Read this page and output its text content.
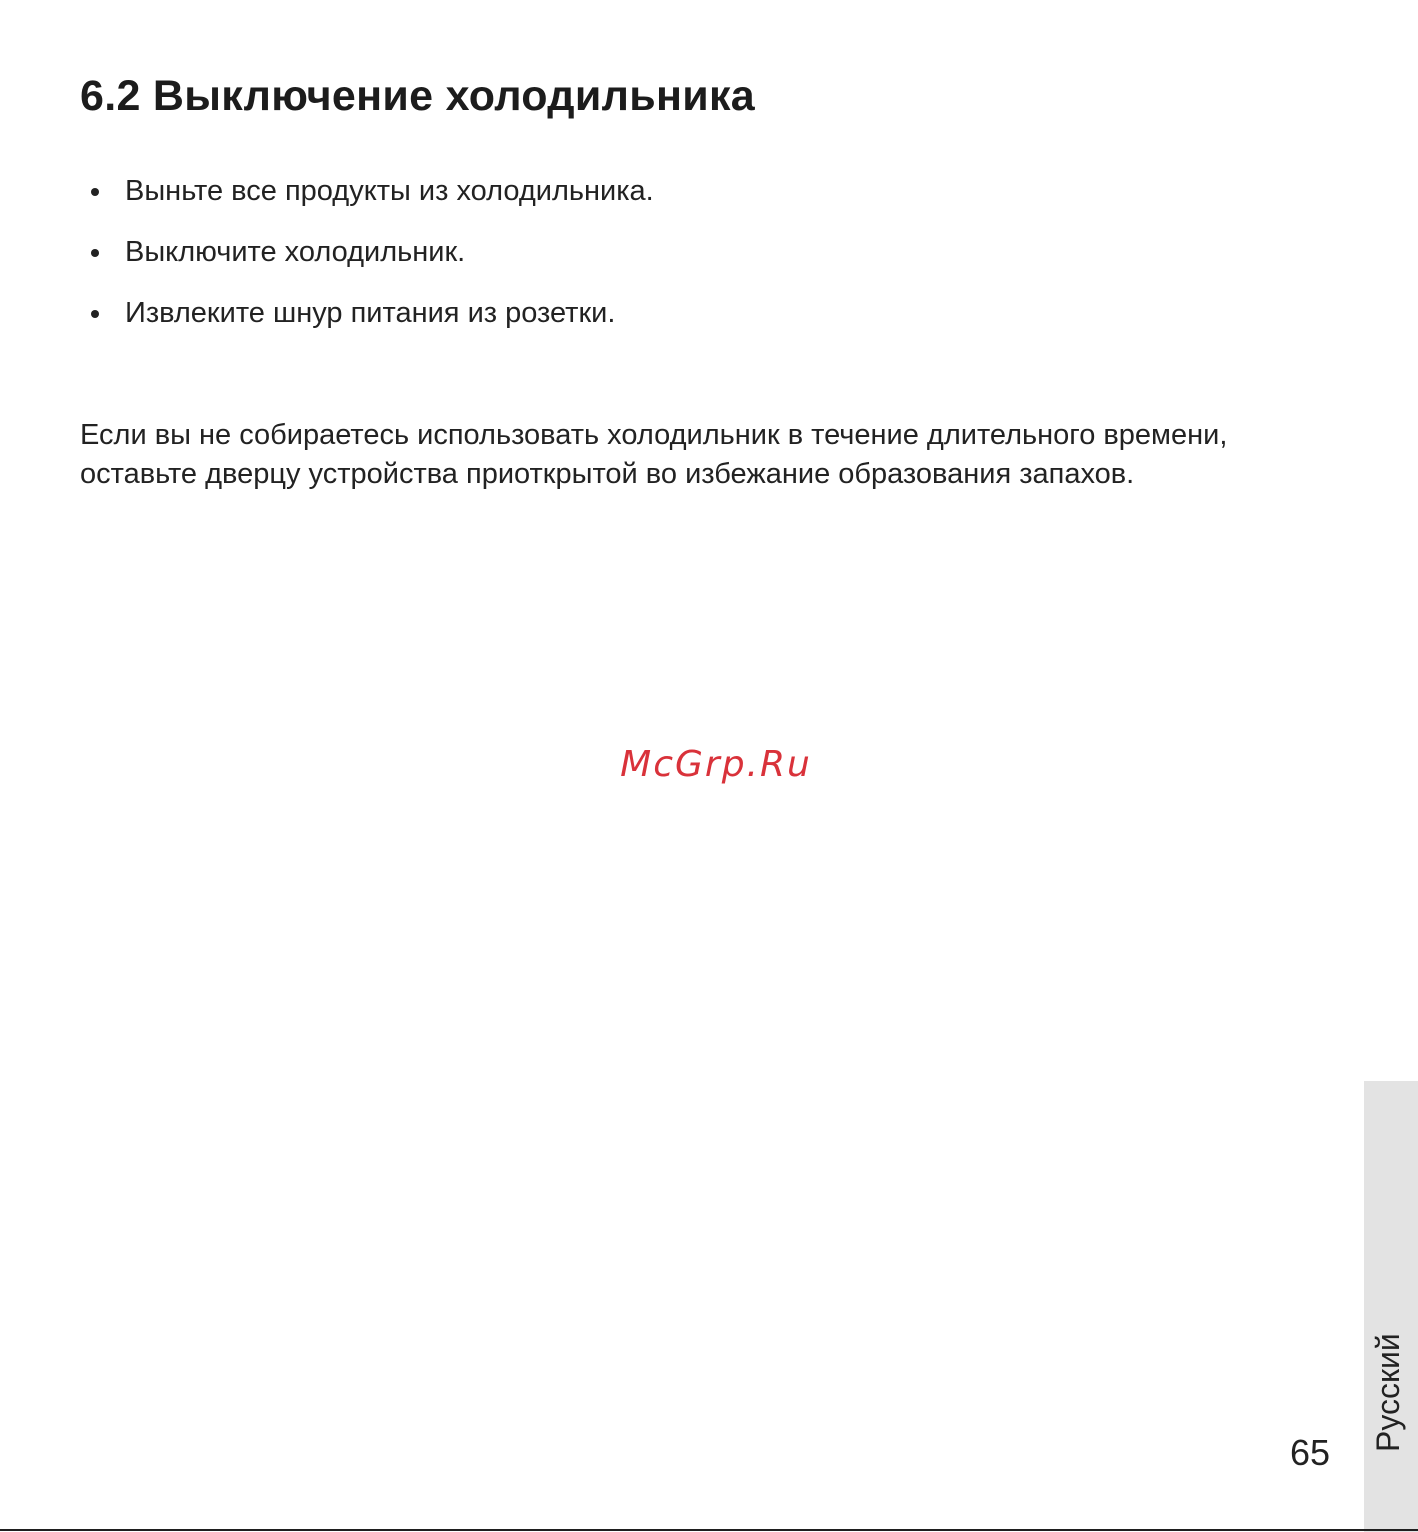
6.2 Выключение холодильника
Выньте все продукты из холодильника.
Выключите холодильник.
Извлеките шнур питания из розетки.

Если вы не собираетесь использовать холодильник в течение длительного времени, оставьте дверцу устройства приоткрытой во избежание образования запахов.

McGrp.Ru
Русский
65
